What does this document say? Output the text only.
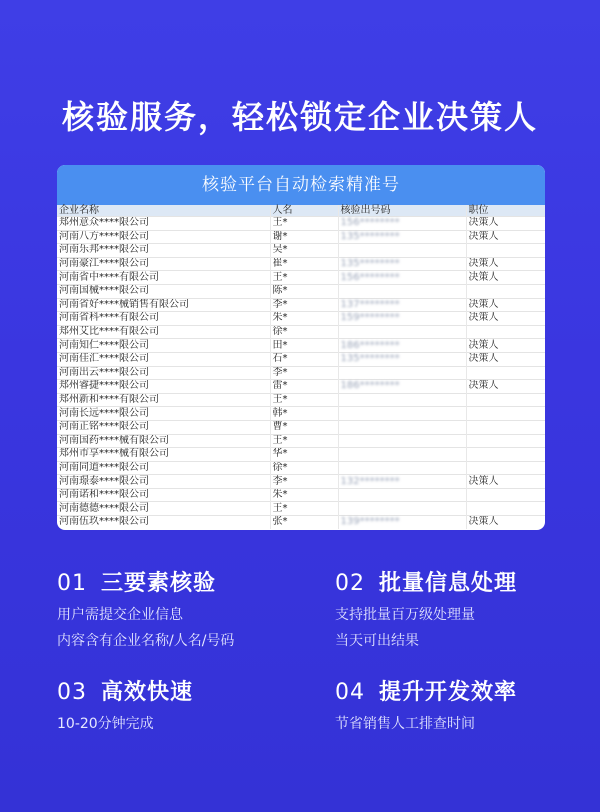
核验服务，轻松锁定企业决策人
核验平台自动检索精准号
企业名称	人名	核验出号码	职位
郑州意众****限公司	王*	156********	决策人
河南八方****限公司	谢*	135********	决策人
河南乐邦****限公司	吴*		
河南豪江****限公司	崔*	135********	决策人
河南省中****有限公司	王*	156********	决策人
河南国械****限公司	陈*		
河南省好****械销售有限公司	李*	137********	决策人
河南省科****有限公司	朱*	159********	决策人
郑州艾比****有限公司	徐*		
河南知仁****限公司	田*	186********	决策人
河南佳汇****限公司	石*	135********	决策人
河南出云****限公司	李*		
郑州睿捷****限公司	雷*	186********	决策人
郑州新和****有限公司	王*		
河南长远****限公司	韩*		
河南正铭****限公司	曹*		
河南国药****械有限公司	王*		
郑州市享****械有限公司	华*		
河南同道****限公司	徐*		
河南璟泰****限公司	李*	132********	决策人
河南诺和****限公司	朱*		
河南德德****限公司	王*		
河南伍玖****限公司	张*	139********	决策人
01 三要素核验
用户需提交企业信息
内容含有企业名称/人名/号码
02 批量信息处理
支持批量百万级处理量
当天可出结果
03 高效快速
10-20分钟完成
04 提升开发效率
节省销售人工排查时间
